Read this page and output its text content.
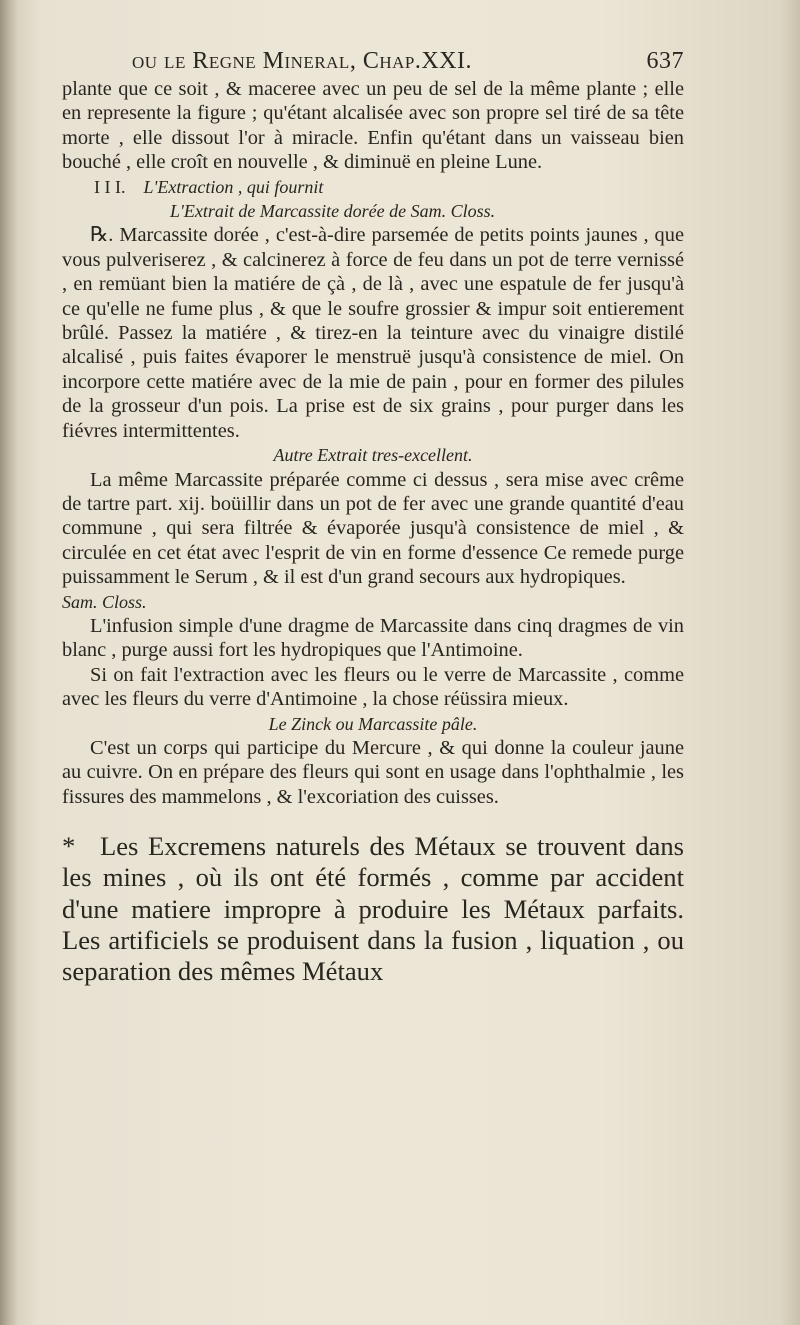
ou le Regne Mineral, Chap.XXI.	637

plante que ce soit , & maceree avec un peu de sel de la même plante ; elle en represente la figure ; qu'étant alcalisée avec son propre sel tiré de sa tête morte , elle dissout l'or à miracle. Enfin qu'étant dans un vaisseau bien bouché , elle croît en nouvelle , & diminuë en pleine Lune.

I I I. L'Extraction , qui fournit

L'Extrait de Marcassite dorée de Sam. Closs.

℞. Marcassite dorée , c'est-à-dire parsemée de petits points jaunes , que vous pulveriserez , & calcinerez à force de feu dans un pot de terre vernissé , en remüant bien la matiére de çà , de là , avec une espatule de fer jusqu'à ce qu'elle ne fume plus , & que le soufre grossier & impur soit entierement brûlé. Passez la matiére , & tirez-en la teinture avec du vinaigre distilé alcalisé , puis faites évaporer le menstruë jusqu'à consistence de miel. On incorpore cette matiére avec de la mie de pain , pour en former des pilules de la grosseur d'un pois. La prise est de six grains , pour purger dans les fiévres intermittentes.

Autre Extrait tres-excellent.

La même Marcassite préparée comme ci dessus , sera mise avec crême de tartre part. xij. boüillir dans un pot de fer avec une grande quantité d'eau commune , qui sera filtrée & évaporée jusqu'à consistence de miel , & circulée en cet état avec l'esprit de vin en forme d'essence Ce remede purge puissamment le Serum , & il est d'un grand secours aux hydropiques.

Sam. Closs.

L'infusion simple d'une dragme de Marcassite dans cinq dragmes de vin blanc , purge aussi fort les hydropiques que l'Antimoine.

Si on fait l'extraction avec les fleurs ou le verre de Marcassite , comme avec les fleurs du verre d'Antimoine , la chose réüssira mieux.

Le Zinck ou Marcassite pâle.

C'est un corps qui participe du Mercure , & qui donne la couleur jaune au cuivre. On en prépare des fleurs qui sont en usage dans l'ophthalmie , les fissures des mammelons , & l'excoriation des cuisses.

* Les Excremens naturels des Métaux se trouvent dans les mines , où ils ont été formés , comme par accident d'une matiere impropre à produire les Métaux parfaits. Les artificiels se produisent dans la fusion , liquation , ou separation des mêmes Métaux
